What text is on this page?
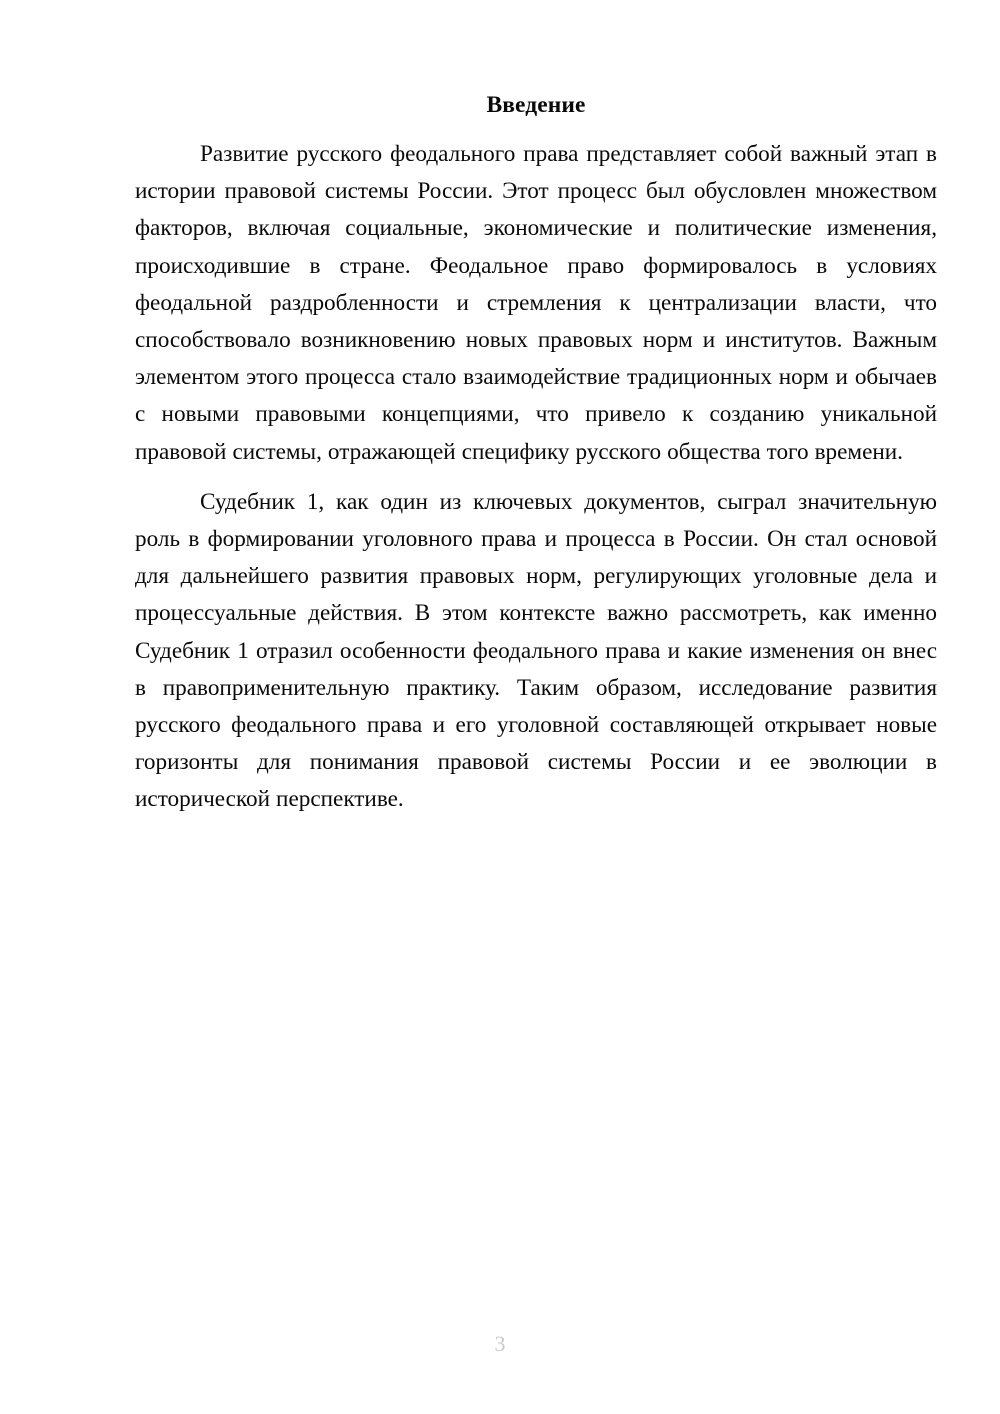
Введение

Развитие русского феодального права представляет собой важный этап в истории правовой системы России. Этот процесс был обусловлен множеством факторов, включая социальные, экономические и политические изменения, происходившие в стране. Феодальное право формировалось в условиях феодальной раздробленности и стремления к централизации власти, что способствовало возникновению новых правовых норм и институтов. Важным элементом этого процесса стало взаимодействие традиционных норм и обычаев с новыми правовыми концепциями, что привело к созданию уникальной правовой системы, отражающей специфику русского общества того времени.

Судебник 1, как один из ключевых документов, сыграл значительную роль в формировании уголовного права и процесса в России. Он стал основой для дальнейшего развития правовых норм, регулирующих уголовные дела и процессуальные действия. В этом контексте важно рассмотреть, как именно Судебник 1 отразил особенности феодального права и какие изменения он внес в правоприменительную практику. Таким образом, исследование развития русского феодального права и его уголовной составляющей открывает новые горизонты для понимания правовой системы России и ее эволюции в исторической перспективе.

3
